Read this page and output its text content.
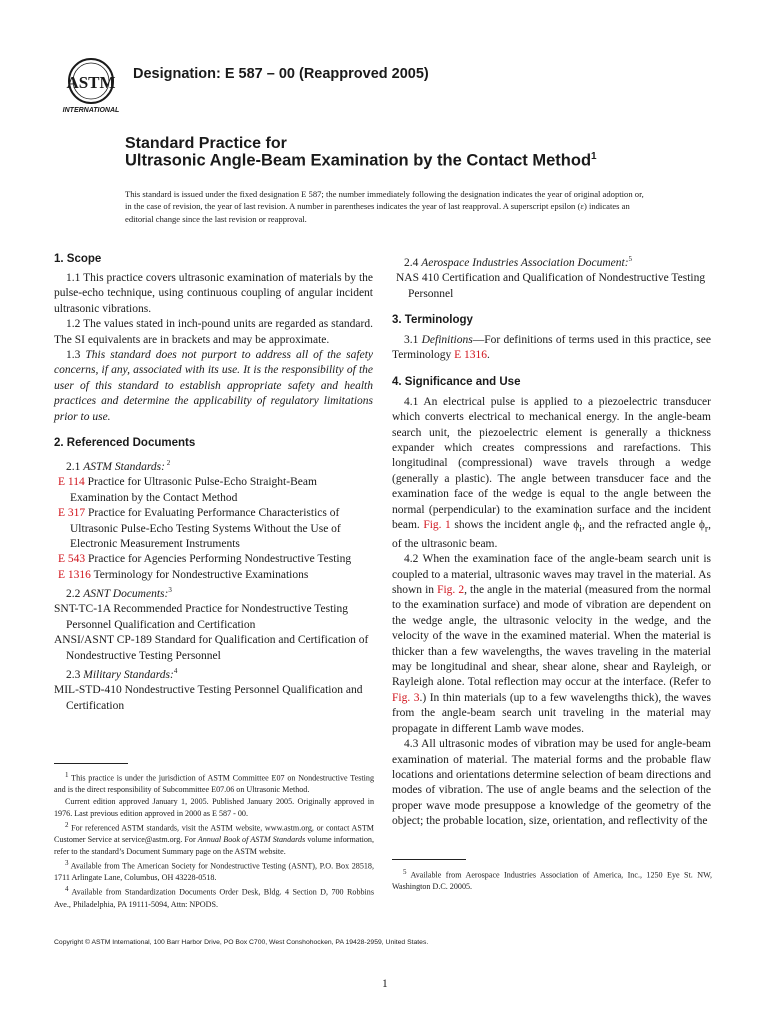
ASTM
INTERNATIONAL
Designation: E 587 – 00 (Reapproved 2005)
Standard Practice for
Ultrasonic Angle-Beam Examination by the Contact Method$^1$
This standard is issued under the fixed designation E 587; the number immediately following the designation indicates the year of original adoption or, in the case of revision, the year of last revision. A number in parentheses indicates the year of last reapproval. A superscript epsilon (ε) indicates an editorial change since the last revision or reapproval.
1. Scope

1.1 This practice covers ultrasonic examination of materials by the pulse-echo technique, using continuous coupling of angular incident ultrasonic vibrations.

1.2 The values stated in inch-pound units are regarded as standard. The SI equivalents are in brackets and may be approximate.

1.3 This standard does not purport to address all of the safety concerns, if any, associated with its use. It is the responsibility of the user of this standard to establish appropriate safety and health practices and determine the applicability of regulatory limitations prior to use.

2. Referenced Documents

2.1 ASTM Standards: $^2$

E 114 Practice for Ultrasonic Pulse-Echo Straight-Beam Examination by the Contact Method

E 317 Practice for Evaluating Performance Characteristics of Ultrasonic Pulse-Echo Testing Systems Without the Use of Electronic Measurement Instruments

E 543 Practice for Agencies Performing Nondestructive Testing

E 1316 Terminology for Nondestructive Examinations

2.2 ASNT Documents:$^3$

SNT-TC-1A Recommended Practice for Nondestructive Testing Personnel Qualification and Certification

ANSI/ASNT CP-189 Standard for Qualification and Certification of Nondestructive Testing Personnel

2.3 Military Standards:$^4$

MIL-STD-410 Nondestructive Testing Personnel Qualification and Certification

2.4 Aerospace Industries Association Document:$^5$

NAS 410 Certification and Qualification of Nondestructive Testing Personnel

3. Terminology

3.1 Definitions—For definitions of terms used in this practice, see Terminology E 1316.

4. Significance and Use

4.1 An electrical pulse is applied to a piezoelectric transducer which converts electrical to mechanical energy. In the angle-beam search unit, the piezoelectric element is generally a thickness expander which creates compressions and rarefactions. This longitudinal (compressional) wave travels through a wedge (generally a plastic). The angle between transducer face and the examination face of the wedge is equal to the angle between the normal (perpendicular) to the examination surface and the incident beam. Fig. 1 shows the incident angle $\phi_i$, and the refracted angle $\phi_r$, of the ultrasonic beam.

4.2 When the examination face of the angle-beam search unit is coupled to a material, ultrasonic waves may travel in the material. As shown in Fig. 2, the angle in the material (measured from the normal to the examination surface) and mode of vibration are dependent on the wedge angle, the ultrasonic velocity in the wedge, and the velocity of the wave in the examined material. When the material is thicker than a few wavelengths, the waves traveling in the material may be longitudinal and shear, shear alone, shear and Rayleigh, or Rayleigh alone. Total reflection may occur at the interface. (Refer to Fig. 3.) In thin materials (up to a few wavelengths thick), the waves from the angle-beam search unit traveling in the material may propagate in different Lamb wave modes.

4.3 All ultrasonic modes of vibration may be used for angle-beam examination of material. The material forms and the probable flaw locations and orientations determine selection of beam directions and modes of vibration. The use of angle beams and the selection of the proper wave mode presuppose a knowledge of the geometry of the object; the probable location, size, orientation, and reflectivity of the

$^1$ This practice is under the jurisdiction of ASTM Committee E07 on Nondestructive Testing and is the direct responsibility of Subcommittee E07.06 on Ultrasonic Method.

Current edition approved January 1, 2005. Published January 2005. Originally approved in 1976. Last previous edition approved in 2000 as E 587 - 00.

$^2$ For referenced ASTM standards, visit the ASTM website, www.astm.org, or contact ASTM Customer Service at service@astm.org. For Annual Book of ASTM Standards volume information, refer to the standard’s Document Summary page on the ASTM website.

$^3$ Available from The American Society for Nondestructive Testing (ASNT), P.O. Box 28518, 1711 Arlingate Lane, Columbus, OH 43228-0518.

$^4$ Available from Standardization Documents Order Desk, Bldg. 4 Section D, 700 Robbins Ave., Philadelphia, PA 19111-5094, Attn: NPODS.

$^5$ Available from Aerospace Industries Association of America, Inc., 1250 Eye St. NW, Washington D.C. 20005.

Copyright © ASTM International, 100 Barr Harbor Drive, PO Box C700, West Conshohocken, PA 19428-2959, United States.
1
